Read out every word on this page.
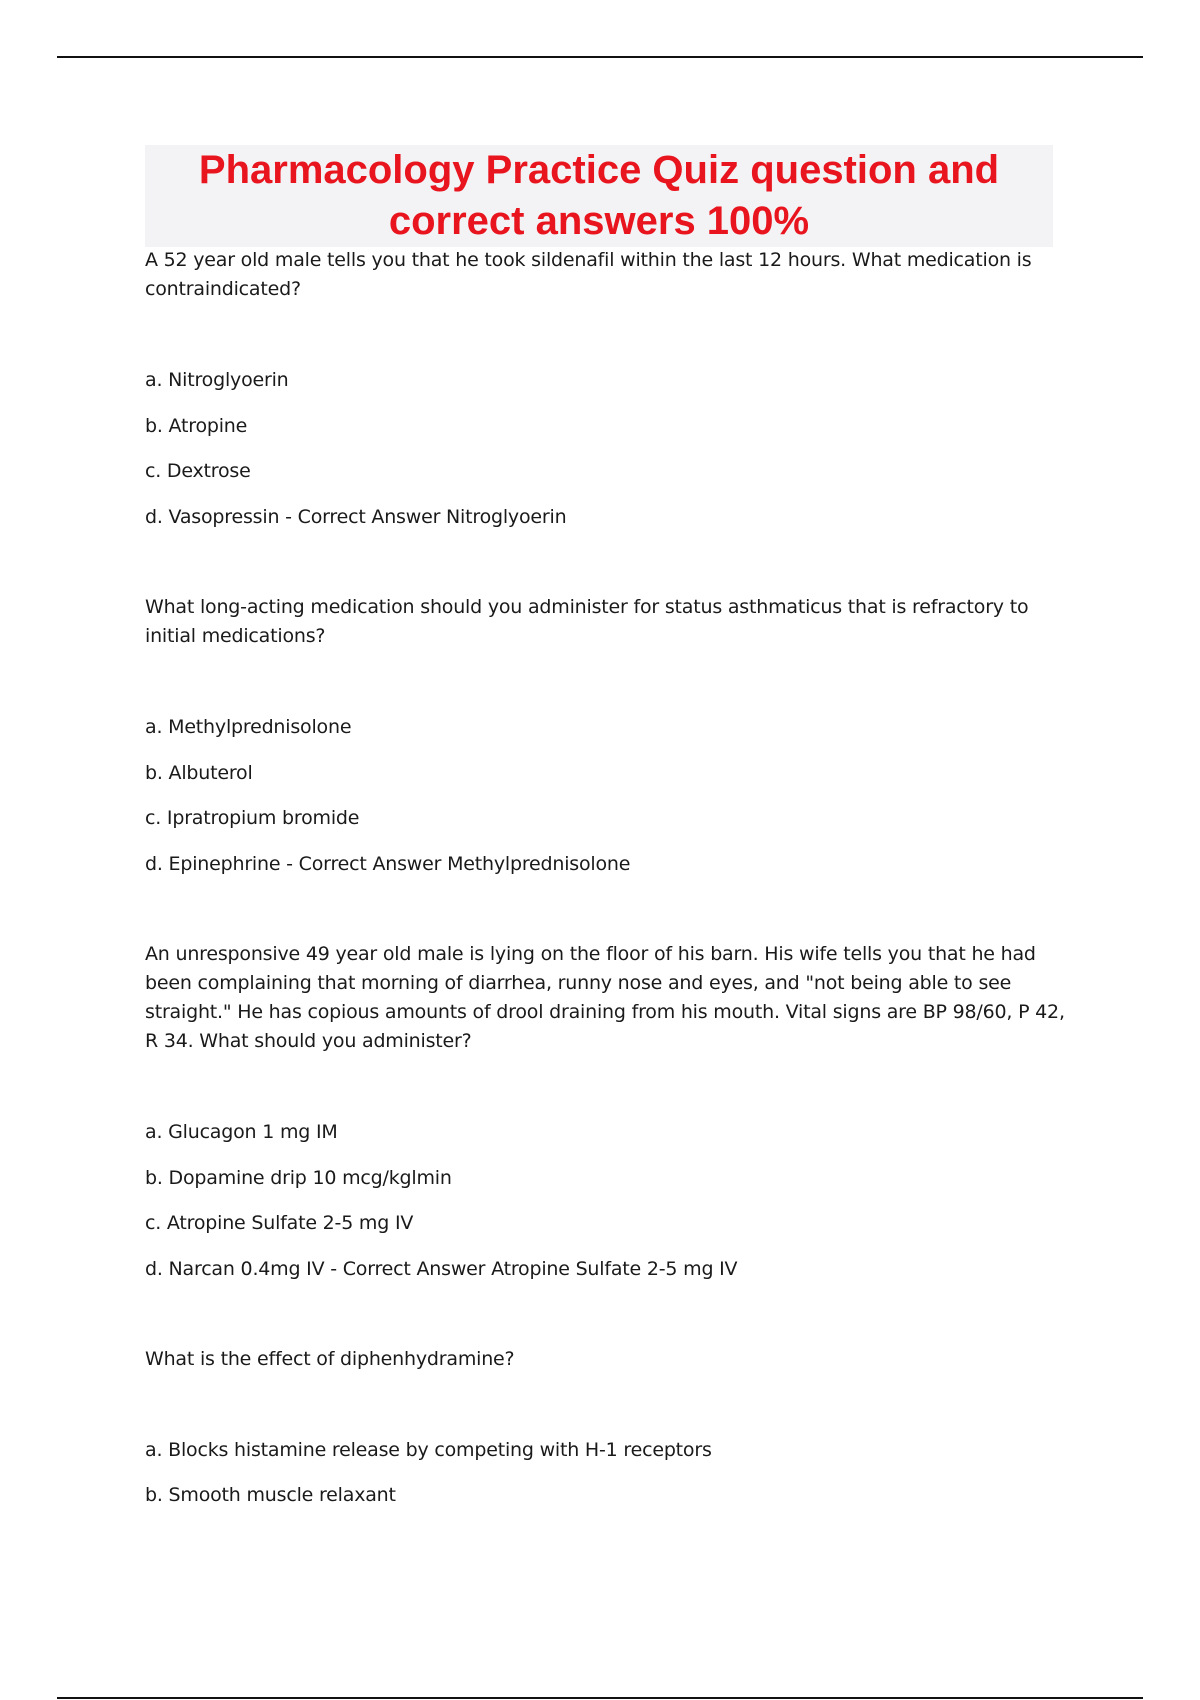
Pharmacology Practice Quiz question and correct answers 100%

A 52 year old male tells you that he took sildenafil within the last 12 hours. What medication is contraindicated?

a. Nitroglyoerin

b. Atropine

c. Dextrose

d. Vasopressin - Correct Answer Nitroglyoerin

What long-acting medication should you administer for status asthmaticus that is refractory to initial medications?

a. Methylprednisolone

b. Albuterol

c. Ipratropium bromide

d. Epinephrine - Correct Answer Methylprednisolone

An unresponsive 49 year old male is lying on the floor of his barn. His wife tells you that he had been complaining that morning of diarrhea, runny nose and eyes, and "not being able to see straight." He has copious amounts of drool draining from his mouth. Vital signs are BP 98/60, P 42, R 34. What should you administer?

a. Glucagon 1 mg IM

b. Dopamine drip 10 mcg/kglmin

c. Atropine Sulfate 2-5 mg IV

d. Narcan 0.4mg IV - Correct Answer Atropine Sulfate 2-5 mg IV

What is the effect of diphenhydramine?

a. Blocks histamine release by competing with H-1 receptors

b. Smooth muscle relaxant
